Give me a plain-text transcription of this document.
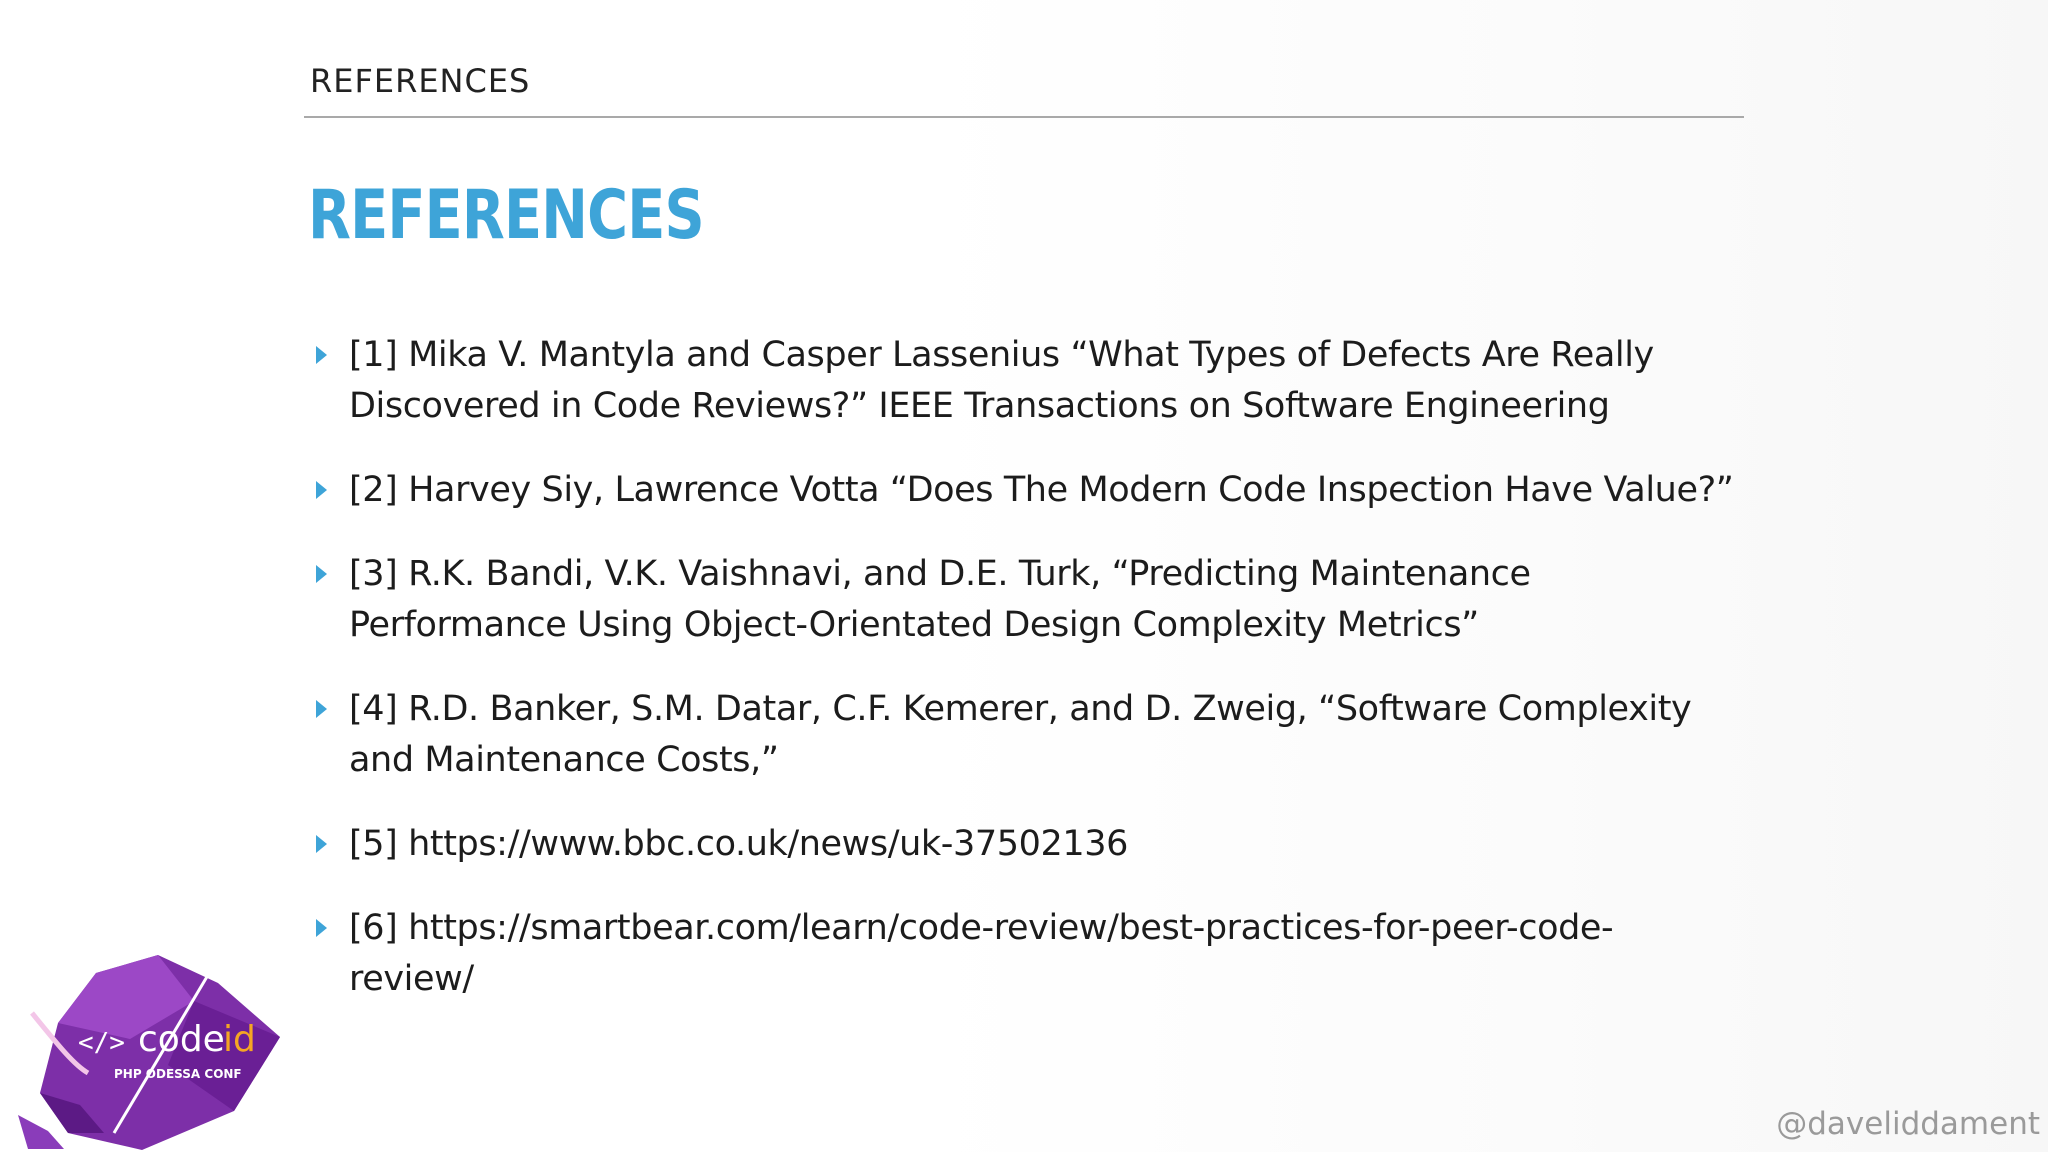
REFERENCES
REFERENCES
[1] Mika V. Mantyla and Casper Lassenius “What Types of Defects Are Really
Discovered in Code Reviews?” IEEE Transactions on Software Engineering
[2] Harvey Siy, Lawrence Votta “Does The Modern Code Inspection Have Value?”
[3] R.K. Bandi, V.K. Vaishnavi, and D.E. Turk, “Predicting Maintenance
Performance Using Object-Orientated Design Complexity Metrics”
[4] R.D. Banker, S.M. Datar, C.F. Kemerer, and D. Zweig, “Software Complexity
and Maintenance Costs,”
[5] https://www.bbc.co.uk/news/uk-37502136
[6] https://smartbear.com/learn/code-review/best-practices-for-peer-code-
review/
</> code
id
PHP ODESSA CONF
@daveliddament
